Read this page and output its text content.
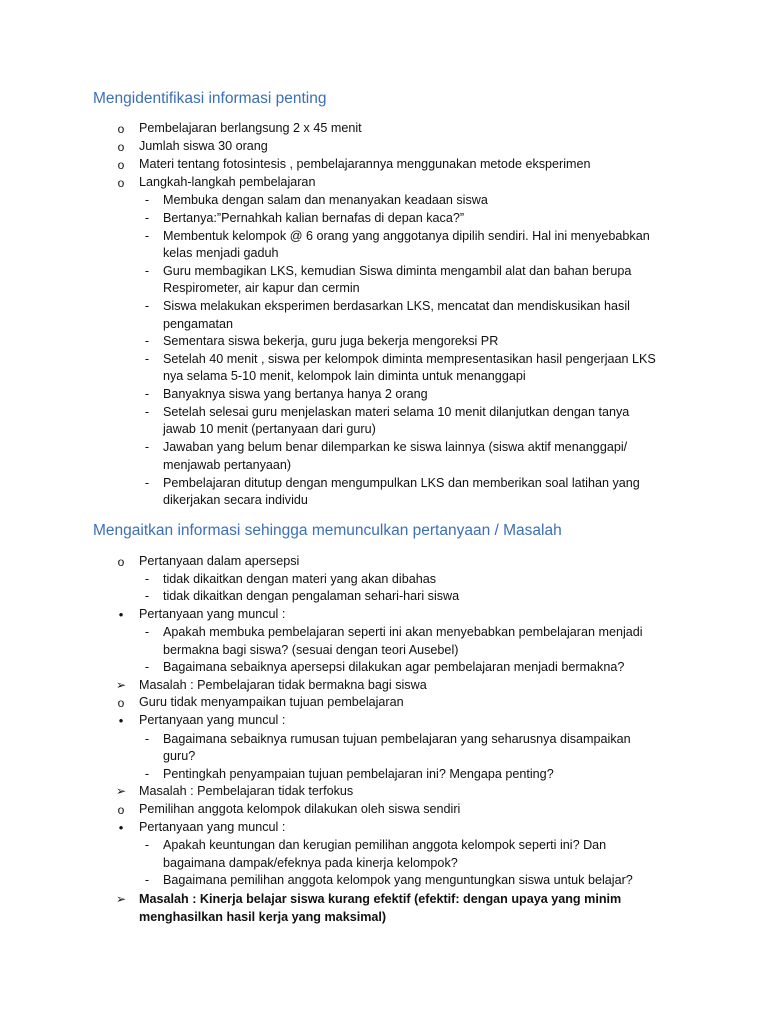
Mengidentifikasi informasi penting
o Pembelajaran berlangsung 2 x 45 menit
o Jumlah siswa 30 orang
o Materi tentang fotosintesis , pembelajarannya menggunakan metode eksperimen
o Langkah-langkah pembelajaran
-	Membuka dengan salam dan menanyakan keadaan siswa
-	Bertanya:”Pernahkah kalian bernafas di depan kaca?”
-	Membentuk kelompok @ 6 orang yang anggotanya dipilih sendiri. Hal ini menyebabkan
kelas menjadi gaduh
-	Guru membagikan LKS, kemudian Siswa diminta mengambil alat dan bahan berupa
Respirometer, air kapur dan cermin
-	Siswa melakukan eksperimen berdasarkan LKS, mencatat dan mendiskusikan hasil
pengamatan
-	Sementara siswa bekerja, guru juga bekerja mengoreksi PR
-	Setelah 40 menit , siswa per kelompok diminta mempresentasikan hasil pengerjaan LKS
nya selama 5-10 menit, kelompok lain diminta untuk menanggapi
-	Banyaknya siswa yang bertanya hanya 2 orang
-	Setelah selesai guru menjelaskan materi selama 10 menit dilanjutkan dengan tanya
jawab 10 menit (pertanyaan dari guru)
-	Jawaban yang belum benar dilemparkan ke siswa lainnya (siswa aktif menanggapi/
menjawab pertanyaan)
-	Pembelajaran ditutup dengan mengumpulkan LKS dan memberikan soal latihan yang
dikerjakan secara individu
Mengaitkan informasi sehingga memunculkan pertanyaan / Masalah
o Pertanyaan dalam apersepsi
-	tidak dikaitkan dengan materi yang akan dibahas
-	tidak dikaitkan dengan pengalaman sehari-hari siswa
•	Pertanyaan yang muncul :
-	Apakah membuka pembelajaran seperti ini akan menyebabkan pembelajaran menjadi
bermakna bagi siswa? (sesuai dengan teori Ausebel)
-	Bagaimana sebaiknya apersepsi dilakukan agar pembelajaran menjadi bermakna?
➢ Masalah : Pembelajaran tidak bermakna bagi siswa
o Guru tidak menyampaikan tujuan pembelajaran
•	Pertanyaan yang muncul :
-	Bagaimana sebaiknya rumusan tujuan pembelajaran yang seharusnya disampaikan
guru?
-	Pentingkah penyampaian tujuan pembelajaran ini? Mengapa penting?
➢ Masalah : Pembelajaran tidak terfokus
o Pemilihan anggota kelompok dilakukan oleh siswa sendiri
•	Pertanyaan yang muncul :
-	Apakah keuntungan dan kerugian pemilihan anggota kelompok seperti ini? Dan
bagaimana dampak/efeknya pada kinerja kelompok?
-	Bagaimana pemilihan anggota kelompok yang menguntungkan siswa untuk belajar?
➢ Masalah : Kinerja belajar siswa kurang efektif (efektif: dengan upaya yang minim
menghasilkan hasil kerja yang maksimal)
